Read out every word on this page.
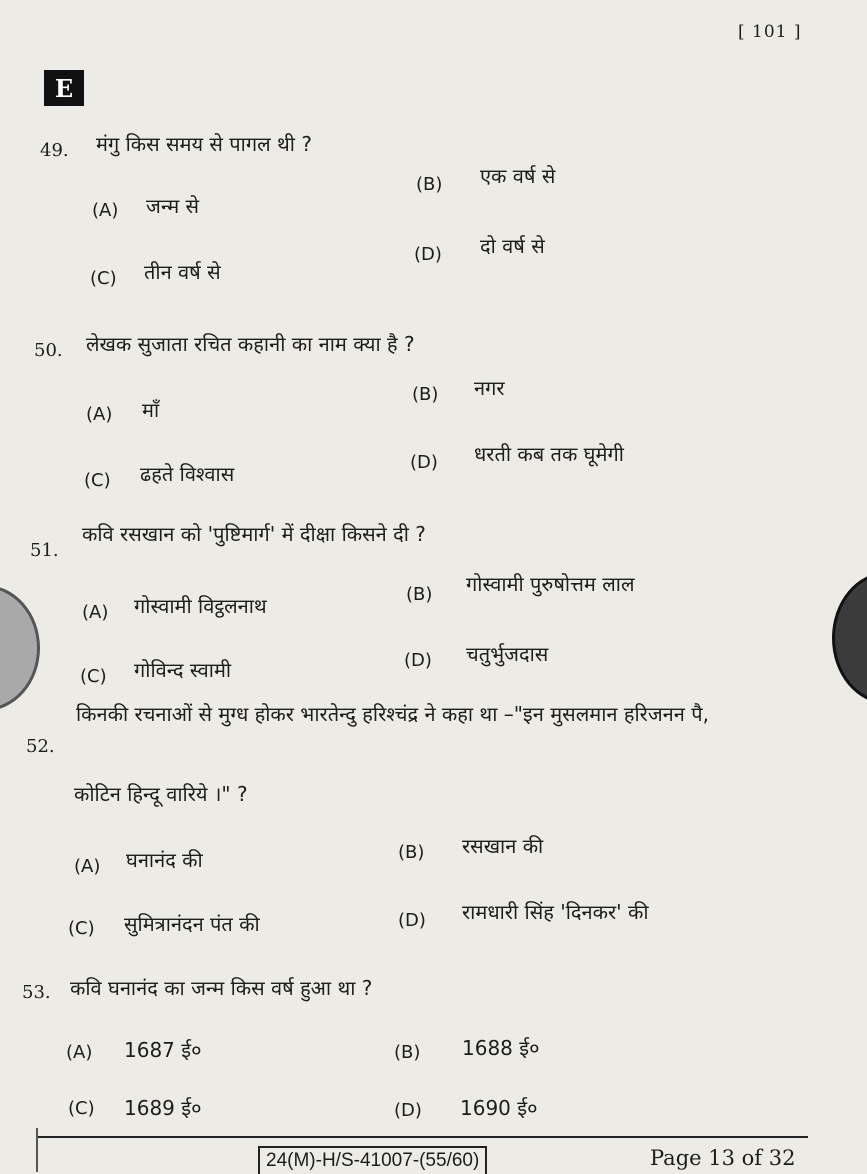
[ 101 ]
E
49. मंगु किस समय से पागल थी ?
(A) जन्म से
(B) एक वर्ष से
(C) तीन वर्ष से
(D) दो वर्ष से
50. लेखक सुजाता रचित कहानी का नाम क्या है ?
(A) माँ
(B) नगर
(C) ढहते विश्वास	(D) धरती कब तक घूमेगी
51.
कवि रसखान को 'पुष्टिमार्ग' में दीक्षा किसने दी ?
(A) गोस्वामी विट्ठलनाथ	(B) गोस्वामी पुरुषोत्तम लाल
(C) गोविन्द स्वामी	(D) चतुर्भुजदास
52.
किनकी रचनाओं से मुग्ध होकर भारतेन्दु हरिश्चंद्र ने कहा था –"इन मुसलमान हरिजनन पै,
कोटिन हिन्दू वारिये ।" ?
(A) घनानंद की	(B) रसखान की
(C) सुमित्रानंदन पंत की	(D) रामधारी सिंह 'दिनकर' की
53. कवि घनानंद का जन्म किस वर्ष हुआ था ?
(A) 1687 ई०	(B) 1688 ई०
(C) 1689 ई०	(D) 1690 ई०
24(M)-H/S-41007-(55/60)	Page 13 of 32
